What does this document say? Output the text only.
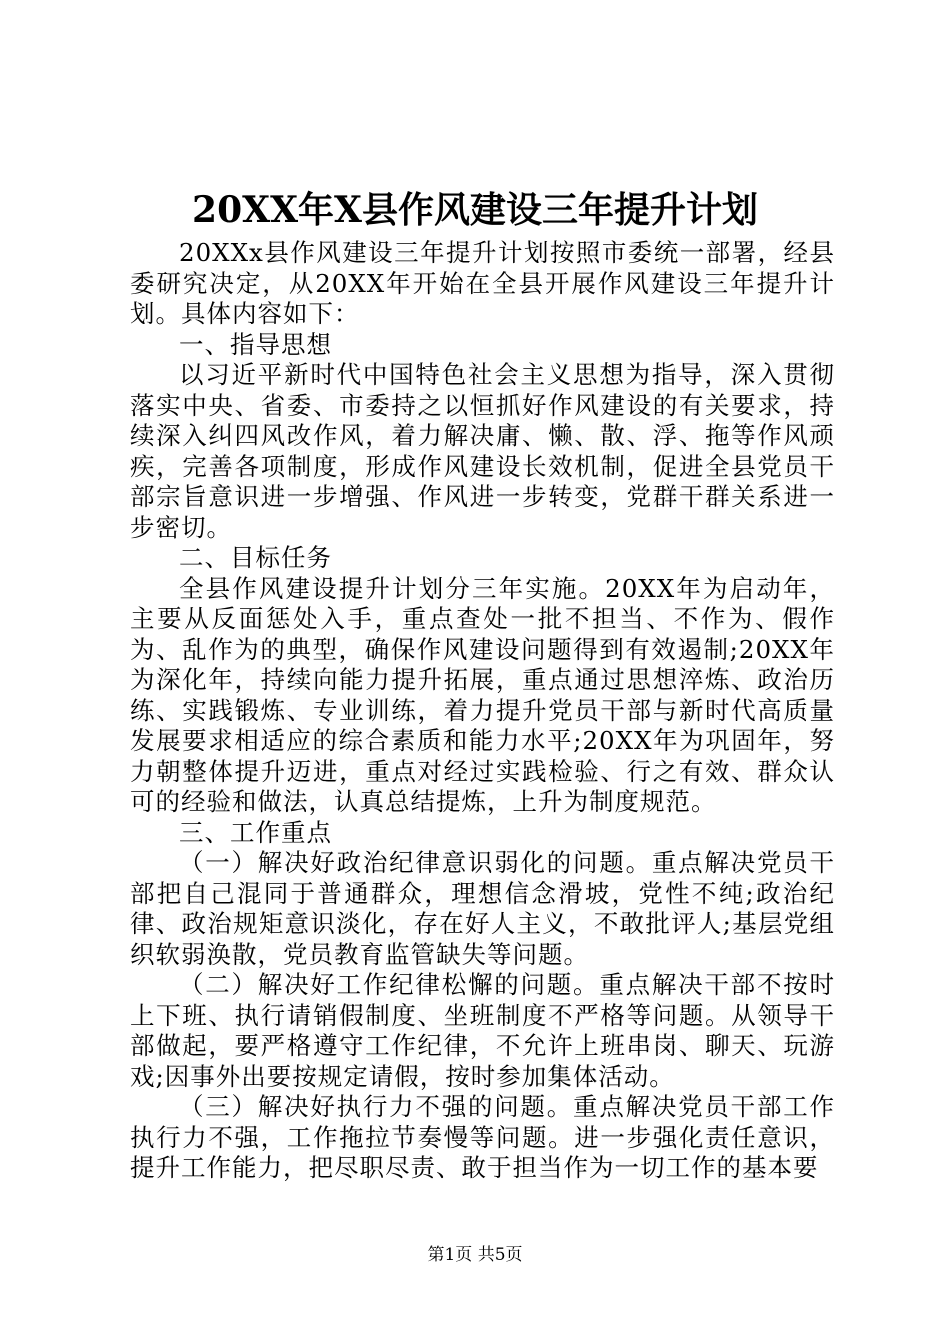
20XX年X县作风建设三年提升计划

20XXx县作风建设三年提升计划按照市委统一部署，经县委研究决定，从20XX年开始在全县开展作风建设三年提升计划。具体内容如下：

一、指导思想

以习近平新时代中国特色社会主义思想为指导，深入贯彻落实中央、省委、市委持之以恒抓好作风建设的有关要求，持续深入纠四风改作风，着力解决庸、懒、散、浮、拖等作风顽疾，完善各项制度，形成作风建设长效机制，促进全县党员干部宗旨意识进一步增强、作风进一步转变，党群干群关系进一步密切。

二、目标任务

全县作风建设提升计划分三年实施。20XX年为启动年，主要从反面惩处入手，重点查处一批不担当、不作为、假作为、乱作为的典型，确保作风建设问题得到有效遏制;20XX年为深化年，持续向能力提升拓展，重点通过思想淬炼、政治历练、实践锻炼、专业训练，着力提升党员干部与新时代高质量发展要求相适应的综合素质和能力水平;20XX年为巩固年，努力朝整体提升迈进，重点对经过实践检验、行之有效、群众认可的经验和做法，认真总结提炼，上升为制度规范。

三、工作重点

（一）解决好政治纪律意识弱化的问题。重点解决党员干部把自己混同于普通群众，理想信念滑坡，党性不纯;政治纪律、政治规矩意识淡化，存在好人主义，不敢批评人;基层党组织软弱涣散，党员教育监管缺失等问题。

（二）解决好工作纪律松懈的问题。重点解决干部不按时上下班、执行请销假制度、坐班制度不严格等问题。从领导干部做起，要严格遵守工作纪律，不允许上班串岗、聊天、玩游戏;因事外出要按规定请假，按时参加集体活动。

（三）解决好执行力不强的问题。重点解决党员干部工作执行力不强，工作拖拉节奏慢等问题。进一步强化责任意识，提升工作能力，把尽职尽责、敢于担当作为一切工作的基本要

第1页 共5页
